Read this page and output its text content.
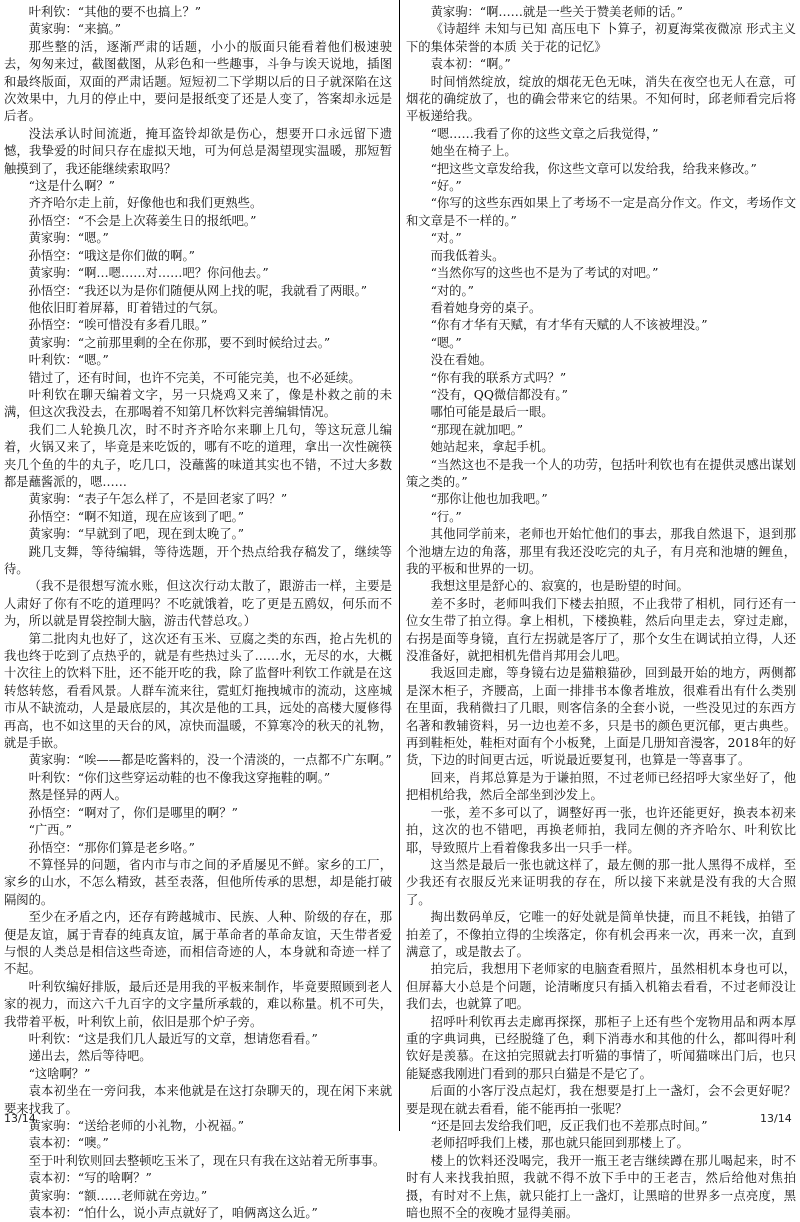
叶利钦：“其他的要不也搞上？”

黄家驹：“来搞。”

那些整的活，逐渐严肃的话题，小小的版面只能看着他们极速驶去，匆匆来过，截图截图，从彩色和一些趣事，斗争与诶天说地，插图和最终版面，双面的严肃话题。短短初二下学期以后的日子就深陷在这次效果中，九月的停止中，要问是报纸变了还是人变了，答案却永远是后者。

没法承认时间流逝，掩耳盗铃却欲是伤心，想要开口永远留下遗憾，我挚爱的时间只存在虚拟天地，可为何总是渴望现实温暖，那短暂触摸到了，我还能继续索取吗？

“这是什么啊？”

齐齐哈尔走上前，好像他也和我们更熟些。

孙悟空：“不会是上次蒋姜生日的报纸吧。”

黄家驹：“嗯。”

孙悟空：“哦这是你们做的啊。”

黄家驹：“啊…嗯……对……吧？你问他去。”

孙悟空：“我还以为是你们随便从网上找的呢，我就看了两眼。”

他依旧盯着屏幕，盯着错过的气氛。

孙悟空：“唉可惜没有多看几眼。”

黄家驹：“之前那里剩的全在你那，要不到时候给过去。”

叶利钦：“嗯。”

错过了，还有时间，也许不完美，不可能完美，也不必延续。

叶利钦在聊天编着文字，另一只烧鸡又来了，像是朴救之前的未满，但这次我没去，在那喝着不知第几杯饮料完善编辑情况。

我们二人轮换几次，时不时齐齐哈尔来聊上几句，等这玩意儿编着，火锅又来了，毕竟是来吃饭的，哪有不吃的道理，拿出一次性碗筷夹几个鱼的牛的丸子，吃几口，没蘸酱的味道其实也不错，不过大多数都是蘸酱派的，嗯……

黄家驹：“表子午怎么样了，不是回老家了吗？”

孙悟空：“啊不知道，现在应该到了吧。”

黄家驹：“早就到了吧，现在到太晚了。”

跳几支舞，等待编辑，等待选题，开个热点给我存稿发了，继续等待。

（我不是很想写流水账，但这次行动太散了，跟游击一样，主要是人肃好了你有不吃的道理吗？不吃就饿着，吃了更是五鸥奴，何乐而不为，所以就是胃袋控制大脑，游击代替总攻。）

第二批肉丸也好了，这次还有玉米、豆腐之类的东西，抢占先机的我也终于吃到了点热乎的，就是有些热过头了……水，无尽的水，大概十次往上的饮料下肚，还不能开吃的我，除了监督叶利钦工作就是在这转悠转悠，看看风景。人群车流来往，霓虹灯拖拽城市的流动，这座城市从不缺流动，人是最底层的，其次是他的工具，远处的高楼大厦修得再高，也不如这里的天台的风，凉快而温暖，不算寒冷的秋天的礼物，就是手嵌。

黄家驹：“唉——都是吃酱料的，没一个清淡的，一点都不广东啊。”

叶利钦：“你们这些穿运动鞋的也不像我这穿拖鞋的啊。”

熬是怪异的两人。

孙悟空：“啊对了，你们是哪里的啊？”

“广西。”

孙悟空：“那你们算是老乡咯。”

不算怪异的问题，省内市与市之间的矛盾屡见不鲜。家乡的工厂，家乡的山水，不怎么精致，甚至表落，但他所传承的思想，却是能打破隔阂的。

至少在矛盾之内，还存有跨越城市、民族、人种、阶级的存在，那便是友谊，属于青春的纯真友谊，属于革命者的革命友谊，天生带者爱与恨的人类总是相信这些奇迹，而相信奇迹的人，本身就和奇迹一样了不起。

叶利钦编好排版，最后还是用我的平板来制作，毕竟要照顾到老人家的视力，而这六千九百字的文字量所承载的，难以称量。机不可失，我带着平板，叶利钦上前，依旧是那个炉子旁。

叶利钦：“这是我们几人最近写的文章，想请您看看。”

递出去，然后等待吧。

“这啥啊？”

袁本初坐在一旁问我，本来他就是在这打杂聊天的，现在闲下来就要来找我了。

黄家驹：“送给老师的小礼物，小祝福。”

袁本初：“噢。”

至于叶利钦则回去整顿吃玉米了，现在只有我在这站着无所事事。

袁本初：“写的啥啊？”

黄家驹：“额……老师就在旁边。”

袁本初：“怕什么，说小声点就好了，咱俩离这么近。”

黄家驹：“啊……就是一些关于赞美老师的话。”

《诗超绊 未知与已知 高压电下 卜算子，初夏海棠夜微凉 形式主义下的集体荣誉的本质 关于花的记忆》

袁本初：“啊。”

时间悄然绽放，绽放的烟花无色无味，消失在夜空也无人在意，可烟花的确绽放了，也的确会带来它的结果。不知何时，邱老师看完后将平板递给我。

“嗯……我看了你的这些文章之后我觉得，”

她坐在椅子上。

“把这些文章发给我，你这些文章可以发给我，给我来修改。”

“好。”

“你写的这些东西如果上了考场不一定是高分作文。作文，考场作文和文章是不一样的。”

“对。”

而我低着头。

“当然你写的这些也不是为了考试的对吧。”

“对的。”

看着她身旁的桌子。

“你有才华有天赋，有才华有天赋的人不该被埋没。”

“嗯。”

没在看她。

“你有我的联系方式吗？”

“没有，QQ微信都没有。”

哪怕可能是最后一眼。

“那现在就加吧。”

她站起来，拿起手机。

“当然这也不是我一个人的功劳，包括叶利钦也有在提供灵感出谋划策之类的。”

“那你让他也加我吧。”

“行。”

其他同学前来，老师也开始忙他们的事去，那我自然退下，退到那个池塘左边的角落，那里有我还没吃完的丸子，有月亮和池塘的鲤鱼，我的平板和世界的一切。

我想这里是舒心的、寂寞的，也是盼望的时间。

差不多时，老师叫我们下楼去拍照，不止我带了相机，同行还有一位女生带了拍立得。拿上相机，下楼换鞋，然后向里走去，穿过走廊，右拐是面等身镜，直行左拐就是客厅了，那个女生在调试拍立得，人还没准备好，就把相机先借肖邦用会儿吧。

我返回走廊，等身镜右边是猫粮猫砂，回到最开始的地方，两侧都是深木柜子，齐腰高，上面一排排书本像者堆放，很难看出有什么类别在里面，我稍微扫了几眼，则客信条的全套小说，一些没见过的东西方名著和教辅资料，另一边也差不多，只是书的颜色更沉郁，更古典些。再到鞋柜处，鞋柜对面有个小板凳，上面是几册知音漫客，2018年的好货，下边的时间更古远，听说最近要复刊，也算是一等喜事了。

回来，肖邦总算是为于谦拍照，不过老师已经招呼大家坐好了，他把相机给我，然后全部坐到沙发上。

一张，差不多可以了，调整好再一张，也许还能更好，换表本初来拍，这次的也不错吧，再换老师拍，我同左侧的齐齐哈尔、叶利钦比耶，导致照片上看着像我多出一只手一样。

这当然是最后一张也就这样了，最左侧的那一批人黑得不成样，至少我还有衣服反光来证明我的存在，所以接下来就是没有我的大合照了。

掏出数码单反，它唯一的好处就是简单快捷，而且不耗钱，拍错了拍差了，不像拍立得的尘埃落定，你有机会再来一次，再来一次，直到满意了，或是散去了。

拍完后，我想用下老师家的电脑查看照片，虽然相机本身也可以，但屏幕大小总是个问题，论清晰度只有插入机箱去看看，不过老师没让我们去，也就算了吧。

招呼叶利钦再去走廊再探探，那柜子上还有些个宠物用品和两本厚重的字典词典，已经脱缝了色，剩下消毒水和其他的什么，都叫得叶利钦好是羡慕。在这拍完照就去打听猫的事情了，听闻猫咪出门后，也只能疑惑我刚进门看到的那只白猫是不是它了。

后面的小客厅没点起灯，我在想要是打上一盏灯，会不会更好呢？要是现在就去看看，能不能再拍一张呢？

“还是回去发给我们吧，反正我们也不差那点时间。”

老师招呼我们上楼，那也就只能回到那楼上了。

楼上的饮料还没喝完，我开一瓶王老吉继续蹲在那儿喝起来，时不时有人来找我拍照，我就不得不放下手中的王老吉，然后给他对焦拍摄，有时对不上焦，就只能打上一盏灯，让黑暗的世界多一点亮度，黑暗也照不全的夜晚才显得美丽。

13/14	13/14
